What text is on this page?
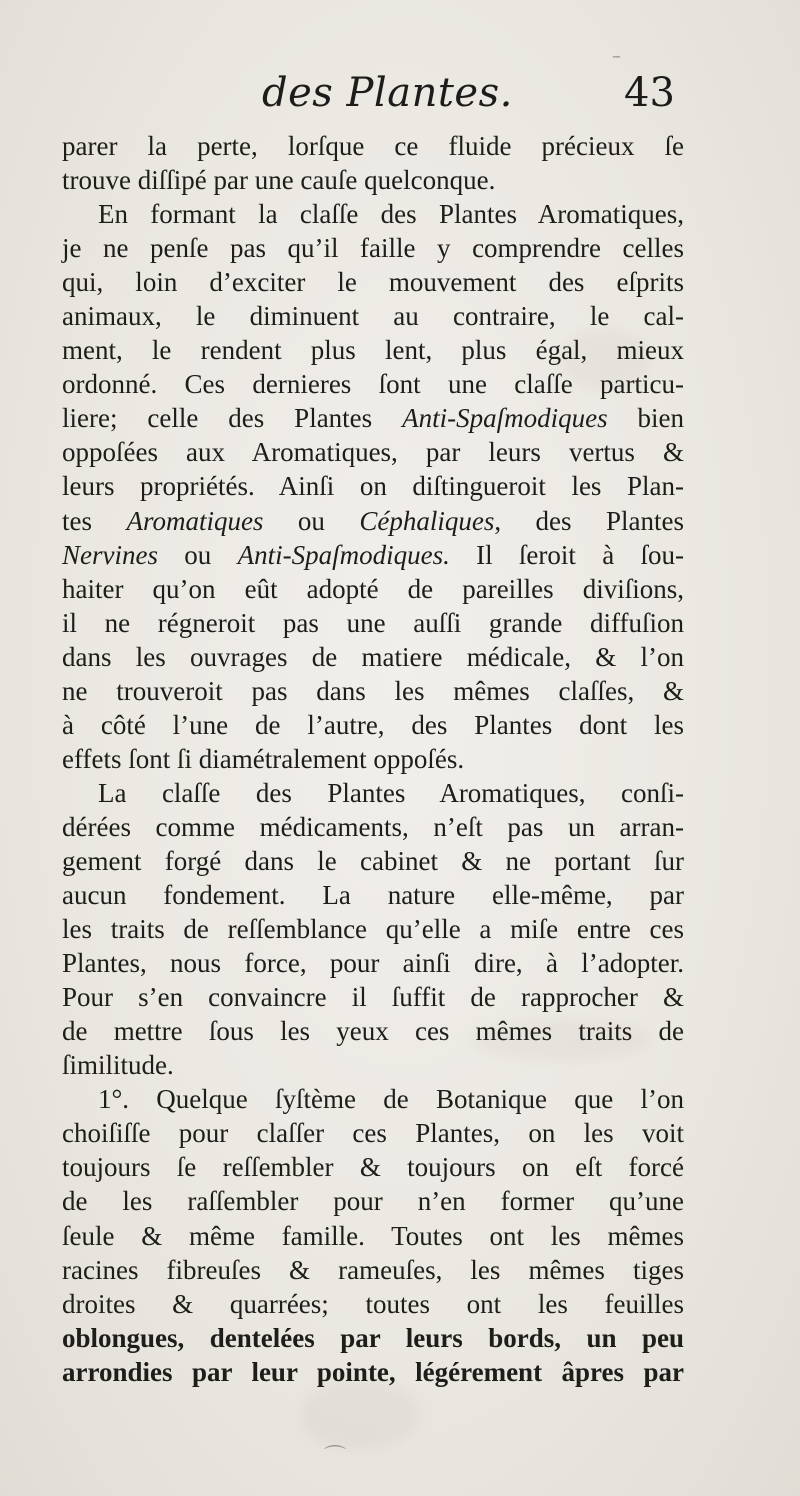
–
⌒
des Plantes.	43
parer la perte, lorſque ce fluide précieux ſe
trouve diſſipé par une cauſe quelconque.
En formant la claſſe des Plantes Aromatiques,
je ne penſe pas qu’il faille y comprendre celles
qui, loin d’exciter le mouvement des eſprits
animaux, le diminuent au contraire, le cal-
ment, le rendent plus lent, plus égal, mieux
ordonné. Ces dernieres ſont une claſſe particu-
liere; celle des Plantes Anti-Spaſmodiques bien
oppoſées aux Aromatiques, par leurs vertus &
leurs propriétés. Ainſi on diſtingueroit les Plan-
tes Aromatiques ou Céphaliques, des Plantes
Nervines ou Anti-Spaſmodiques. Il ſeroit à ſou-
haiter qu’on eût adopté de pareilles diviſions,
il ne régneroit pas une auſſi grande diffuſion
dans les ouvrages de matiere médicale, & l’on
ne trouveroit pas dans les mêmes claſſes, &
à côté l’une de l’autre, des Plantes dont les
effets ſont ſi diamétralement oppoſés.
La claſſe des Plantes Aromatiques, conſi-
dérées comme médicaments, n’eſt pas un arran-
gement forgé dans le cabinet & ne portant ſur
aucun fondement. La nature elle-même, par
les traits de reſſemblance qu’elle a miſe entre ces
Plantes, nous force, pour ainſi dire, à l’adopter.
Pour s’en convaincre il ſuffit de rapprocher &
de mettre ſous les yeux ces mêmes traits de
ſimilitude.
1°. Quelque ſyſtème de Botanique que l’on
choiſiſſe pour claſſer ces Plantes, on les voit
toujours ſe reſſembler & toujours on eſt forcé
de les raſſembler pour n’en former qu’une
ſeule & même famille. Toutes ont les mêmes
racines fibreuſes & rameuſes, les mêmes tiges
droites & quarrées; toutes ont les feuilles
oblongues, dentelées par leurs bords, un peu
arrondies par leur pointe, légérement âpres par
